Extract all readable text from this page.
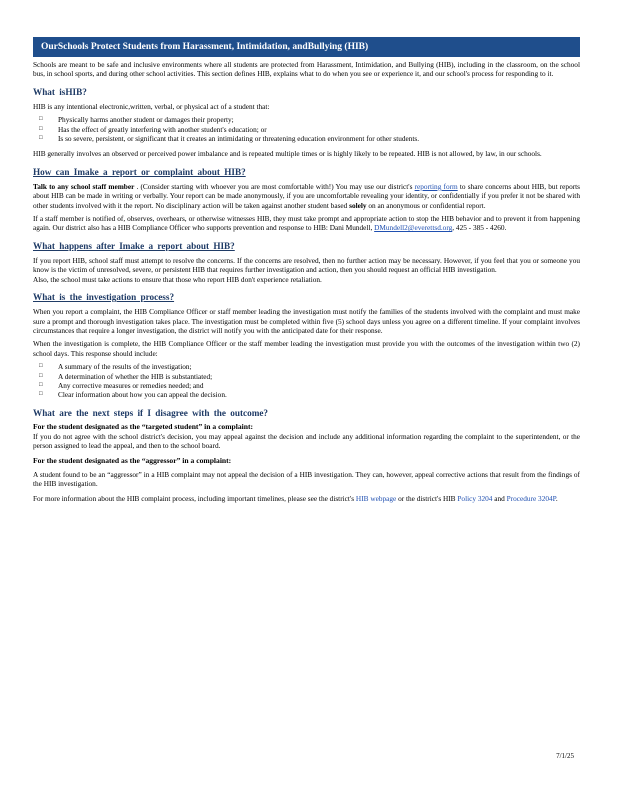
OurSchools Protect Students from Harassment, Intimidation, andBullying (HIB)

Schools are meant to be safe and inclusive environments where all students are protected from Harassment, Intimidation, and Bullying (HIB), including in the classroom, on the school bus, in school sports, and during other school activities. This section defines HIB, explains what to do when you see or experience it, and our school's process for responding to it.

What isHIB?

HIB is any intentional electronic,written, verbal, or physical act of a student that:

□ Physically harms another student or damages their property;
□ Has the effect of greatly interfering with another student's education; or
□ Is so severe, persistent, or significant that it creates an intimidating or threatening education environment for other students.

HIB generally involves an observed or perceived power imbalance and is repeated multiple times or is highly likely to be repeated. HIB is not allowed, by law, in our schools.

How can Imake a report or complaint about HIB?

Talk to any school staff member . (Consider starting with whoever you are most comfortable with!) You may use our district's reporting form to share concerns about HIB, but reports about HIB can be made in writing or verbally. Your report can be made anonymously, if you are uncomfortable revealing your identity, or confidentially if you prefer it not be shared with other students involved with it the report. No disciplinary action will be taken against another student based solely on an anonymous or confidential report.

If a staff member is notified of, observes, overhears, or otherwise witnesses HIB, they must take prompt and appropriate action to stop the HIB behavior and to prevent it from happening again. Our district also has a HIB Compliance Officer who supports prevention and response to HIB: Dani Mundell, DMundell2@everettsd.org, 425 - 385 - 4260.

What happens after Imake a report about HIB?

If you report HIB, school staff must attempt to resolve the concerns. If the concerns are resolved, then no further action may be necessary. However, if you feel that you or someone you know is the victim of unresolved, severe, or persistent HIB that requires further investigation and action, then you should request an official HIB investigation.

Also, the school must take actions to ensure that those who report HIB don't experience retaliation.

What is the investigation process?

When you report a complaint, the HIB Compliance Officer or staff member leading the investigation must notify the families of the students involved with the complaint and must make sure a prompt and thorough investigation takes place. The investigation must be completed within five (5) school days unless you agree on a different timeline. If your complaint involves circumstances that require a longer investigation, the district will notify you with the anticipated date for their response.

When the investigation is complete, the HIB Compliance Officer or the staff member leading the investigation must provide you with the outcomes of the investigation within two (2) school days. This response should include:

□ A summary of the results of the investigation;
□ A determination of whether the HIB is substantiated;
□ Any corrective measures or remedies needed; and
□ Clear information about how you can appeal the decision.
What are the next steps if I disagree with the outcome?
For the student designated as the “targeted student” in a complaint:

If you do not agree with the school district's decision, you may appeal against the decision and include any additional information regarding the complaint to the superintendent, or the person assigned to lead the appeal, and then to the school board.

For the student designated as the “aggressor” in a complaint:

A student found to be an “aggressor” in a HIB complaint may not appeal the decision of a HIB investigation. They can, however, appeal corrective actions that result from the findings of the HIB investigation.

For more information about the HIB complaint process, including important timelines, please see the district's HIB webpage or the district's HIB Policy 3204 and Procedure 3204P.

7/1/25
